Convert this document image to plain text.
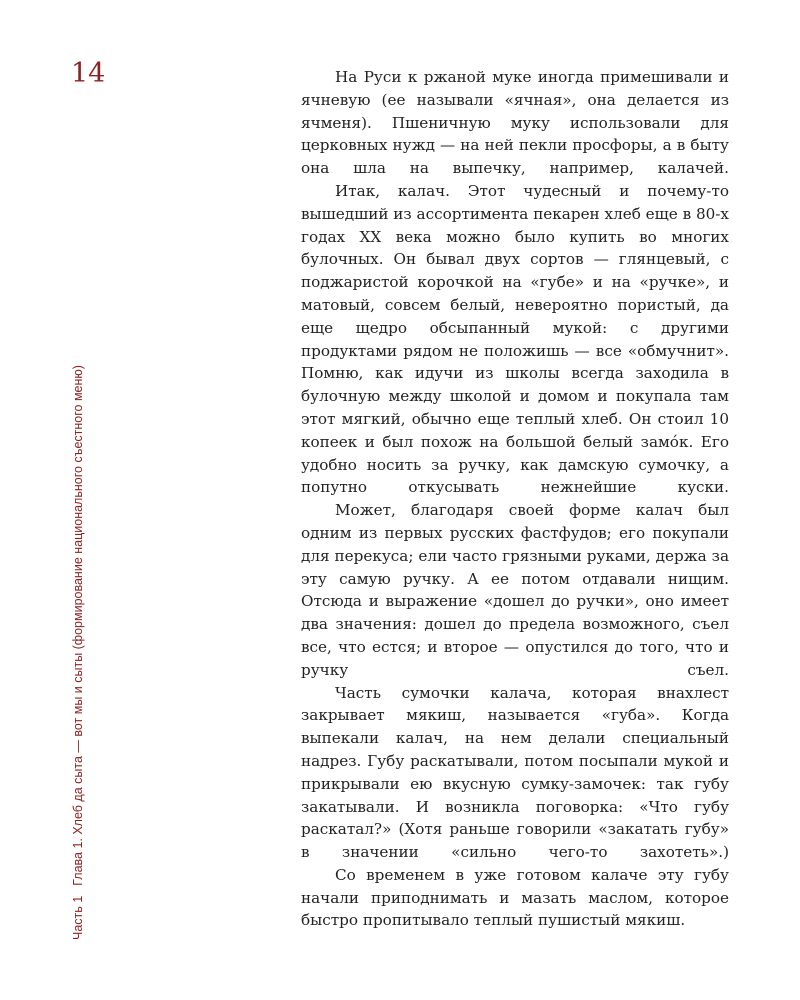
14
Часть 1Глава 1. Хлеб да сыта — вот мы и сыты (формирование национального съестного меню)

На Руси к ржаной муке иногда примешивали и ячневую (ее называли «ячная», она делается из ячменя). Пшеничную муку использовали для церковных нужд — на ней пекли просфоры, а в быту она шла на выпечку, например, калачей.

Итак, калач. Этот чудесный и почему-то вышедший из ассортимента пекарен хлеб еще в 80-х годах XX века можно было купить во многих булочных. Он бывал двух сортов — глянцевый, с поджаристой корочкой на «губе» и на «ручке», и матовый, совсем белый, невероятно пористый, да еще щедро обсыпанный мукой: с другими продуктами рядом не положишь — все «обмучнит». Помню, как идучи из школы всегда заходила в булочную между школой и домом и покупала там этот мягкий, обычно еще теплый хлеб. Он стоил 10 копеек и был похож на большой белый замóк. Его удобно носить за ручку, как дамскую сумочку, а попутно откусывать нежнейшие куски.

Может, благодаря своей форме калач был одним из первых русских фастфудов; его покупали для перекуса; ели часто грязными руками, держа за эту самую ручку. А ее потом отдавали нищим. Отсюда и выражение «дошел до ручки», оно имеет два значения: дошел до предела возможного, съел все, что естся; и второе — опустился до того, что и ручку съел.

Часть сумочки калача, которая внахлест закрывает мякиш, называется «губа». Когда выпекали калач, на нем делали специальный надрез. Губу раскатывали, потом посыпали мукой и прикрывали ею вкусную сумку-замочек: так губу закатывали. И возникла поговорка: «Что губу раскатал?» (Хотя раньше говорили «закатать губу» в значении «сильно чего-то захотеть».)

Со временем в уже готовом калаче эту губу начали приподнимать и мазать маслом, которое быстро пропитывало теплый пушистый мякиш.
